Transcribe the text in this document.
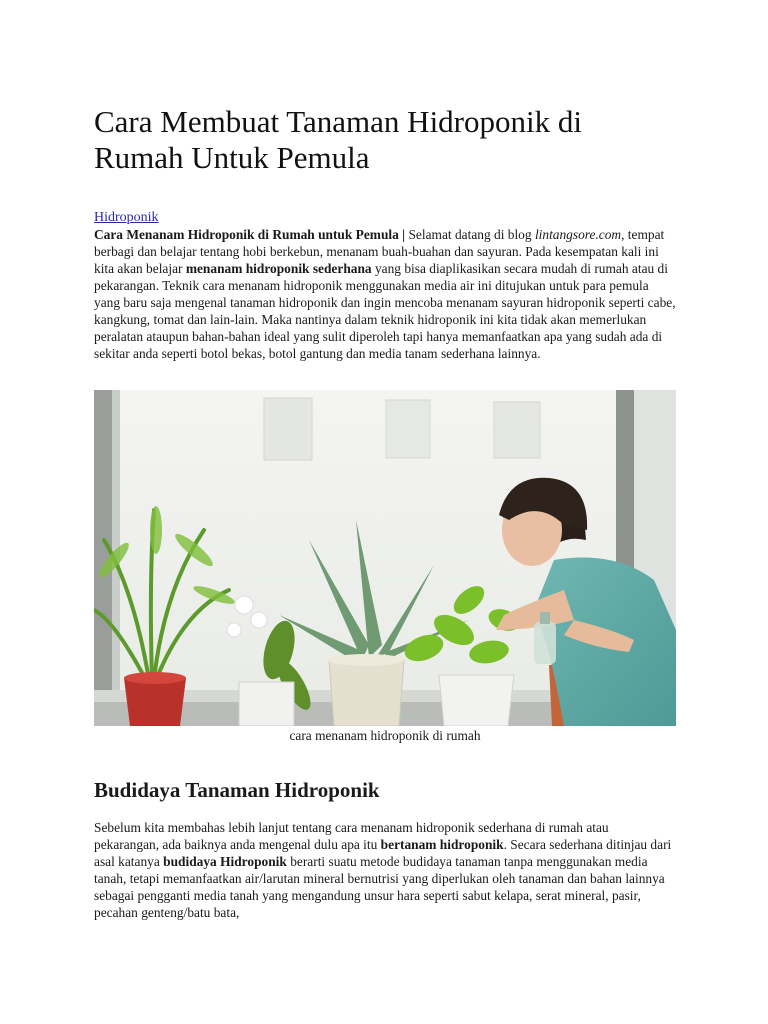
Cara Membuat Tanaman Hidroponik di Rumah Untuk Pemula
Hidroponik

Cara Menanam Hidroponik di Rumah untuk Pemula | Selamat datang di blog lintangsore.com, tempat berbagi dan belajar tentang hobi berkebun, menanam buah-buahan dan sayuran. Pada kesempatan kali ini kita akan belajar menanam hidroponik sederhana yang bisa diaplikasikan secara mudah di rumah atau di pekarangan. Teknik cara menanam hidroponik menggunakan media air ini ditujukan untuk para pemula yang baru saja mengenal tanaman hidroponik dan ingin mencoba menanam sayuran hidroponik seperti cabe, kangkung, tomat dan lain-lain. Maka nantinya dalam teknik hidroponik ini kita tidak akan memerlukan peralatan ataupun bahan-bahan ideal yang sulit diperoleh tapi hanya memanfaatkan apa yang sudah ada di sekitar anda seperti botol bekas, botol gantung dan media tanam sederhana lainnya.

cara menanam hidroponik di rumah
Budidaya Tanaman Hidroponik

Sebelum kita membahas lebih lanjut tentang cara menanam hidroponik sederhana di rumah atau pekarangan, ada baiknya anda mengenal dulu apa itu bertanam hidroponik. Secara sederhana ditinjau dari asal katanya budidaya Hidroponik berarti suatu metode budidaya tanaman tanpa menggunakan media tanah, tetapi memanfaatkan air/larutan mineral bernutrisi yang diperlukan oleh tanaman dan bahan lainnya sebagai pengganti media tanah yang mengandung unsur hara seperti sabut kelapa, serat mineral, pasir, pecahan genteng/batu bata,
